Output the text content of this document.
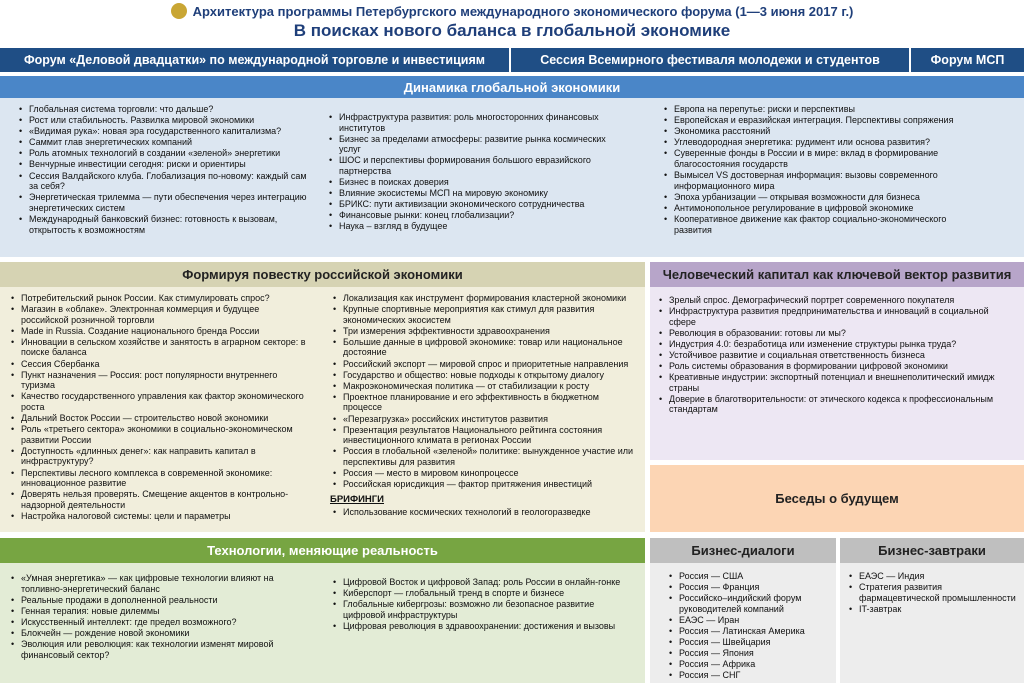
Архитектура программы Петербургского международного экономического форума (1—3 июня 2017 г.)
В поисках нового баланса в глобальной экономике
Форум «Деловой двадцатки» по международной торговле и инвестициям	Сессия Всемирного фестиваля молодежи и студентов	Форум МСП
Динамика глобальной экономики
• Глобальная система торговли: что дальше?
• Рост или стабильность. Развилка мировой экономики
• «Видимая рука»: новая эра государственного капитализма?
• Саммит глав энергетических компаний
• Роль атомных технологий в создании «зеленой» энергетики
• Венчурные инвестиции сегодня: риски и ориентиры
• Сессия Валдайского клуба. Глобализация по-новому: каждый сам за себя?
• Энергетическая трилемма — пути обеспечения через интеграцию энергетических систем
• Международный банковский бизнес: готовность к вызовам, открытость к возможностям
• Инфраструктура развития: роль многосторонних финансовых институтов
• Бизнес за пределами атмосферы: развитие рынка космических услуг
• ШОС и перспективы формирования большого евразийского партнерства
• Бизнес в поисках доверия
• Влияние экосистемы МСП на мировую экономику
• БРИКС: пути активизации экономического сотрудничества
• Финансовые рынки: конец глобализации?
• Наука – взгляд в будущее
• Европа на перепутье: риски и перспективы
• Европейская и евразийская интеграция. Перспективы сопряжения
• Экономика расстояний
• Углеводородная энергетика: рудимент или основа развития?
• Суверенные фонды в России и в мире: вклад в формирование благосостояния государств
• Вымысел VS достоверная информация: вызовы современного информационного мира
• Эпоха урбанизации — открывая возможности для бизнеса
• Антимонопольное регулирование в цифровой экономике
• Кооперативное движение как фактор социально-экономического развития
Формируя повестку российской экономики
• Потребительский рынок России. Как стимулировать спрос?
• Магазин в «облаке». Электронная коммерция и будущее российской розничной торговли
• Made in Russia. Создание национального бренда России
• Инновации в сельском хозяйстве и занятость в аграрном секторе: в поиске баланса
• Сессия Сбербанка
• Пункт назначения — Россия: рост популярности внутреннего туризма
• Качество государственного управления как фактор экономического роста
• Дальний Восток России — строительство новой экономики
• Роль «третьего сектора» экономики в социально-экономическом развитии России
• Доступность «длинных денег»: как направить капитал в инфраструктуру?
• Перспективы лесного комплекса в современной экономике: инновационное развитие
• Доверять нельзя проверять. Смещение акцентов в контрольно-надзорной деятельности
• Настройка налоговой системы: цели и параметры
• Локализация как инструмент формирования кластерной экономики
• Крупные спортивные мероприятия как стимул для развития экономических экосистем
• Три измерения эффективности здравоохранения
• Большие данные в цифровой экономике: товар или национальное достояние
• Российский экспорт — мировой спрос и приоритетные направления
• Государство и общество: новые подходы к открытому диалогу
• Макроэкономическая политика — от стабилизации к росту
• Проектное планирование и его эффективность в бюджетном процессе
• «Перезагрузка» российских институтов развития
• Презентация результатов Национального рейтинга состояния инвестиционного климата в регионах России
• Россия в глобальной «зеленой» политике: вынужденное участие или перспективы для развития
• Россия — место в мировом кинопроцессе
• Российская юрисдикция — фактор притяжения инвестиций
БРИФИНГИ
• Использование космических технологий в геологоразведке
Человеческий капитал как ключевой вектор развития
• Зрелый спрос. Демографический портрет современного покупателя
• Инфраструктура развития предпринимательства и инноваций в социальной сфере
• Революция в образовании: готовы ли мы?
• Индустрия 4.0: безработица или изменение структуры рынка труда?
• Устойчивое развитие и социальная ответственность бизнеса
• Роль системы образования в формировании цифровой экономики
• Креативные индустрии: экспортный потенциал и внешнеполитический имидж страны
• Доверие в благотворительности: от этического кодекса к профессиональным стандартам
Беседы о будущем
Технологии, меняющие реальность
• «Умная энергетика» — как цифровые технологии влияют на топливно-энергетический баланс
• Реальные продажи в дополненной реальности
• Генная терапия: новые дилеммы
• Искусственный интеллект: где предел возможного?
• Блокчейн — рождение новой экономики
• Эволюция или революция: как технологии изменят мировой финансовый сектор?
• Цифровой Восток и цифровой Запад: роль России в онлайн-гонке
• Киберспорт — глобальный тренд в спорте и бизнесе
• Глобальные кибергрозы: возможно ли безопасное развитие цифровой инфраструктуры
• Цифровая революция в здравоохранении: достижения и вызовы
Бизнес-диалоги
• Россия — США
• Россия — Франция
• Российско–индийский форум руководителей компаний
• ЕАЭС — Иран
• Россия — Латинская Америка
• Россия — Швейцария
• Россия — Япония
• Россия — Африка
• Россия — СНГ
Бизнес-завтраки
• ЕАЭС — Индия
• Стратегия развития фармацевтической промышленности
• IT-завтрак
